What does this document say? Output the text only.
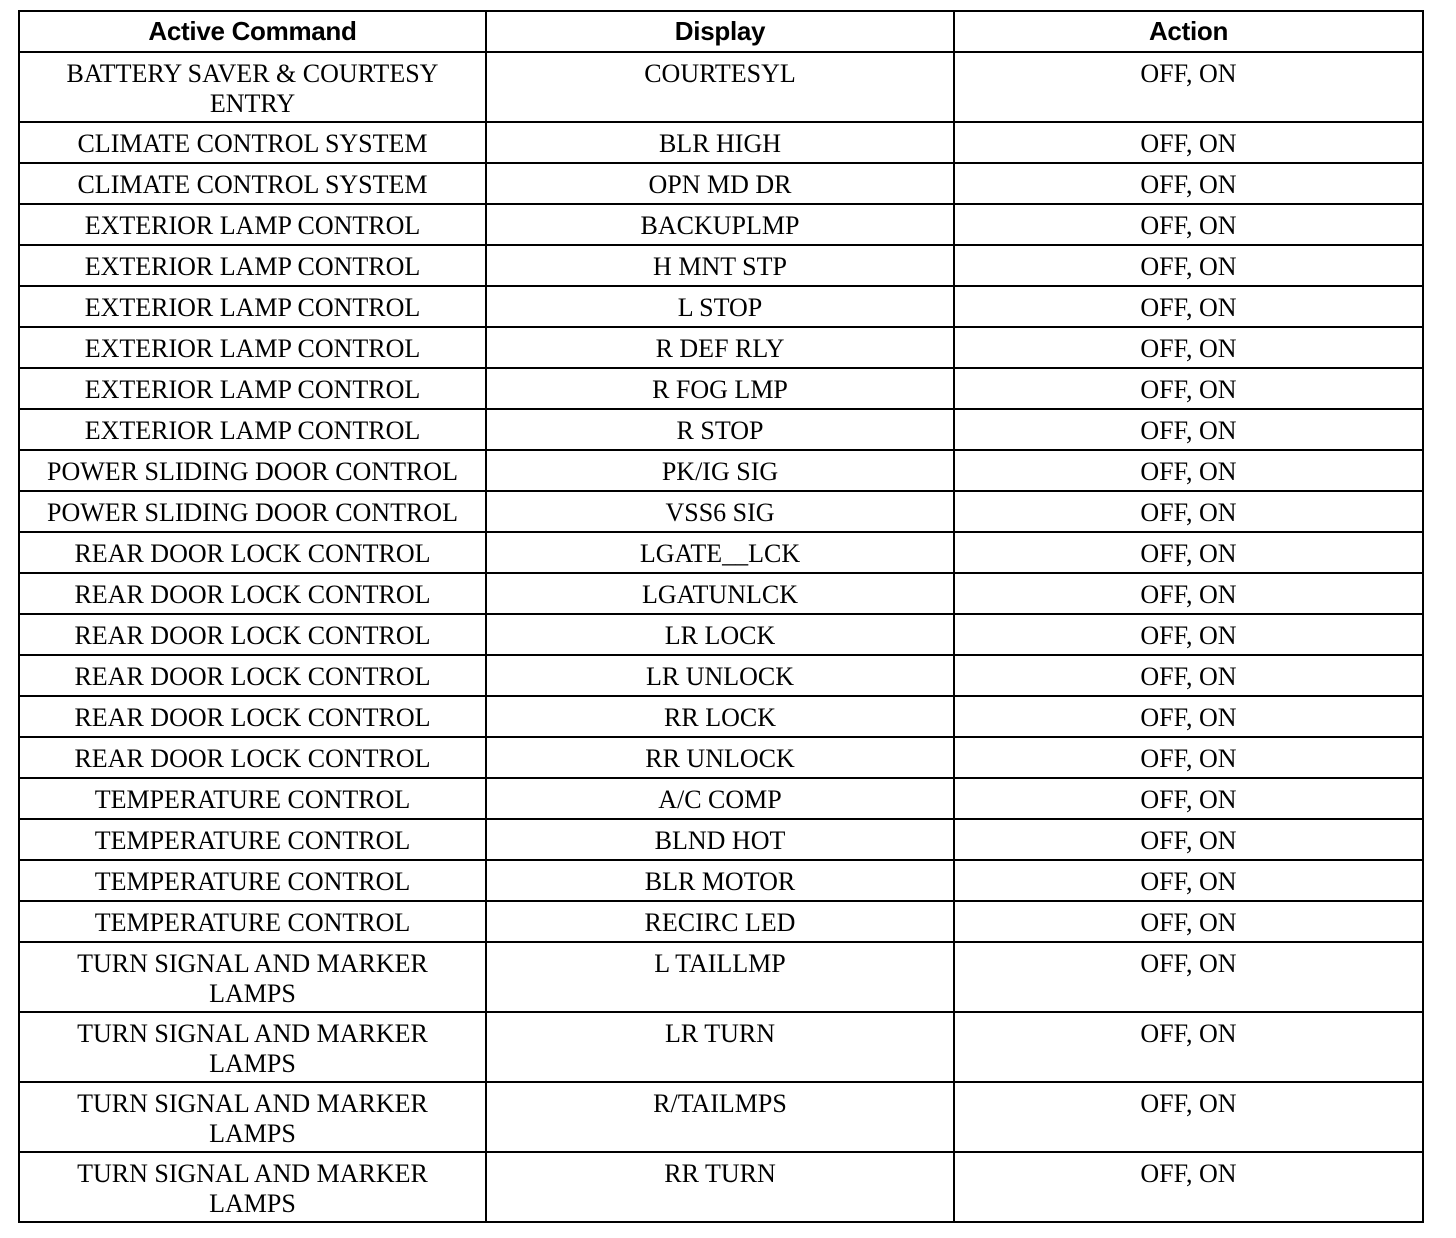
Active Command	Display	Action
BATTERY SAVER & COURTESY ENTRY	COURTESYL	OFF, ON
CLIMATE CONTROL SYSTEM	BLR HIGH	OFF, ON
CLIMATE CONTROL SYSTEM	OPN MD DR	OFF, ON
EXTERIOR LAMP CONTROL	BACKUPLMP	OFF, ON
EXTERIOR LAMP CONTROL	H MNT STP	OFF, ON
EXTERIOR LAMP CONTROL	L STOP	OFF, ON
EXTERIOR LAMP CONTROL	R DEF RLY	OFF, ON
EXTERIOR LAMP CONTROL	R FOG LMP	OFF, ON
EXTERIOR LAMP CONTROL	R STOP	OFF, ON
POWER SLIDING DOOR CONTROL	PK/IG SIG	OFF, ON
POWER SLIDING DOOR CONTROL	VSS6 SIG	OFF, ON
REAR DOOR LOCK CONTROL	LGATE__LCK	OFF, ON
REAR DOOR LOCK CONTROL	LGATUNLCK	OFF, ON
REAR DOOR LOCK CONTROL	LR LOCK	OFF, ON
REAR DOOR LOCK CONTROL	LR UNLOCK	OFF, ON
REAR DOOR LOCK CONTROL	RR LOCK	OFF, ON
REAR DOOR LOCK CONTROL	RR UNLOCK	OFF, ON
TEMPERATURE CONTROL	A/C COMP	OFF, ON
TEMPERATURE CONTROL	BLND HOT	OFF, ON
TEMPERATURE CONTROL	BLR MOTOR	OFF, ON
TEMPERATURE CONTROL	RECIRC LED	OFF, ON
TURN SIGNAL AND MARKER LAMPS	L TAILLMP	OFF, ON
TURN SIGNAL AND MARKER LAMPS	LR TURN	OFF, ON
TURN SIGNAL AND MARKER LAMPS	R/TAILMPS	OFF, ON
TURN SIGNAL AND MARKER LAMPS	RR TURN	OFF, ON
